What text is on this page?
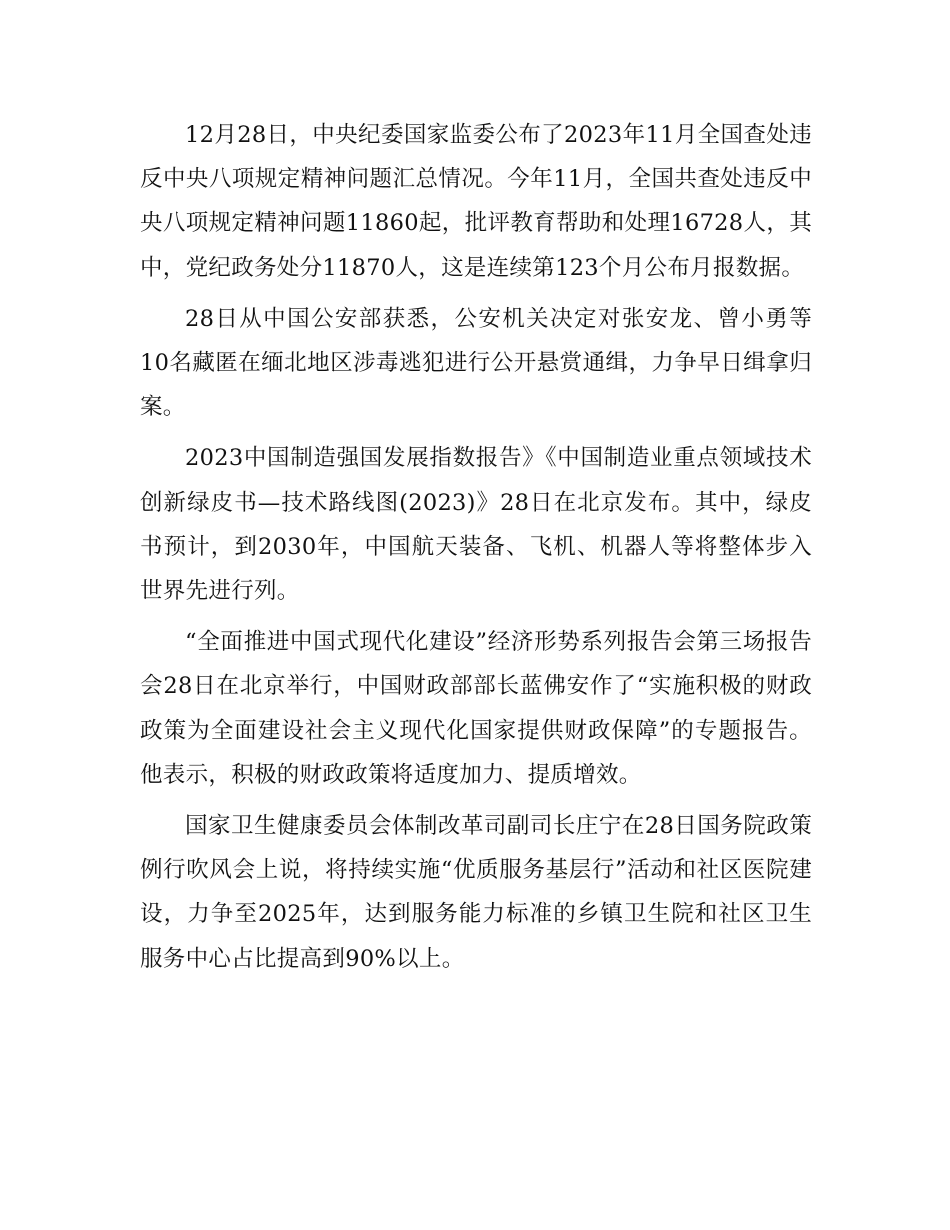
12月28日，中央纪委国家监委公布了2023年11月全国查处违反中央八项规定精神问题汇总情况。今年11月，全国共查处违反中央八项规定精神问题11860起，批评教育帮助和处理16728人，其中，党纪政务处分11870人，这是连续第123个月公布月报数据。

28日从中国公安部获悉，公安机关决定对张安龙、曾小勇等10名藏匿在缅北地区涉毒逃犯进行公开悬赏通缉，力争早日缉拿归案。

2023中国制造强国发展指数报告》《中国制造业重点领域技术创新绿皮书—技术路线图(2023)》28日在北京发布。其中，绿皮书预计，到2030年，中国航天装备、飞机、机器人等将整体步入世界先进行列。

“全面推进中国式现代化建设”经济形势系列报告会第三场报告会28日在北京举行，中国财政部部长蓝佛安作了“实施积极的财政政策为全面建设社会主义现代化国家提供财政保障”的专题报告。他表示，积极的财政政策将适度加力、提质增效。

国家卫生健康委员会体制改革司副司长庄宁在28日国务院政策例行吹风会上说，将持续实施“优质服务基层行”活动和社区医院建设，力争至2025年，达到服务能力标准的乡镇卫生院和社区卫生服务中心占比提高到90%以上。
